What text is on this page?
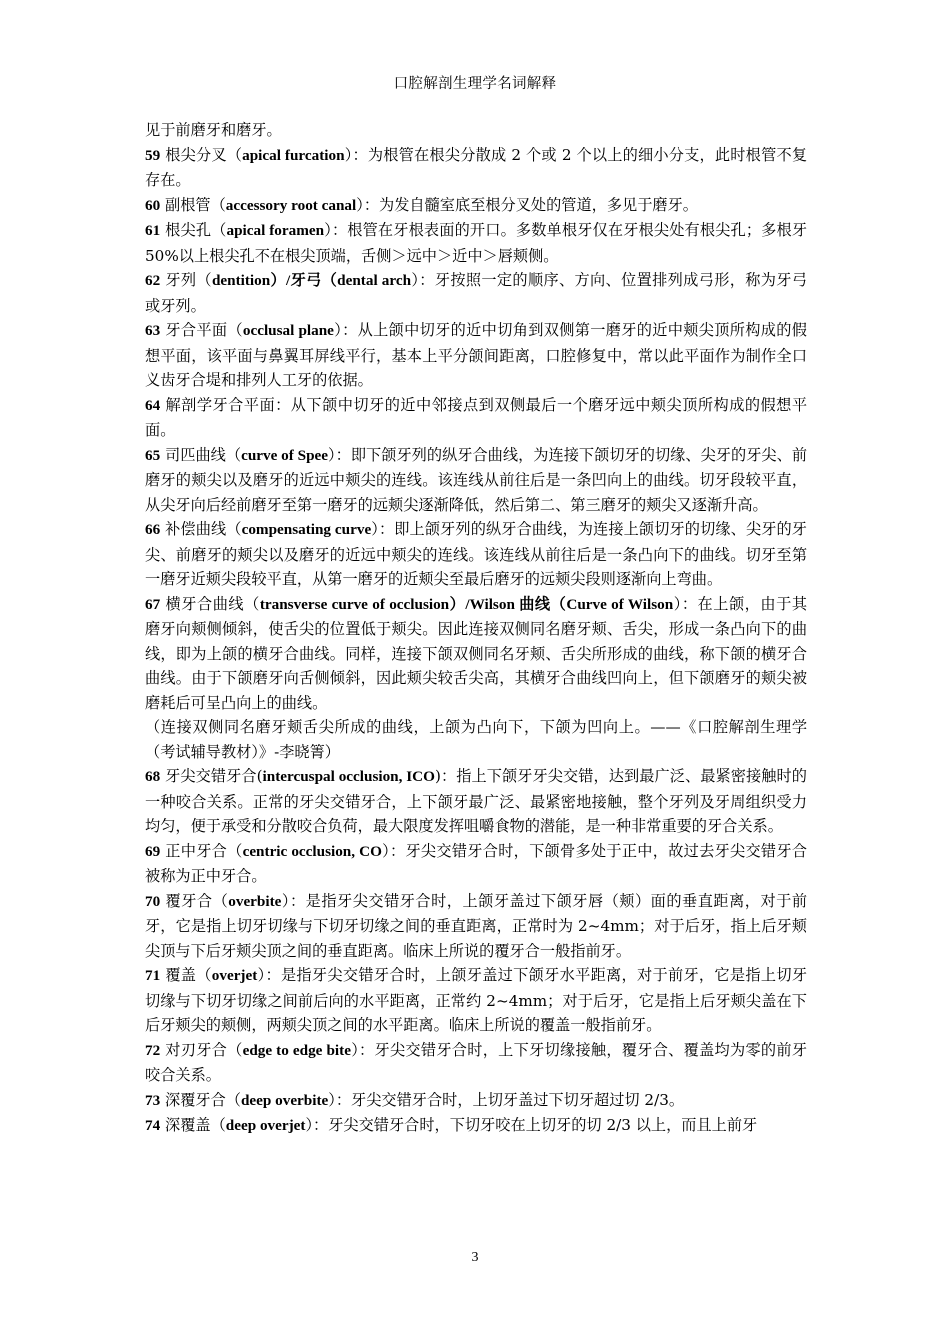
口腔解剖生理学名词解释

见于前磨牙和磨牙。

59 根尖分叉（apical furcation）：为根管在根尖分散成 2 个或 2 个以上的细小分支，此时根管不复存在。

60 副根管（accessory root canal）：为发自髓室底至根分叉处的管道，多见于磨牙。

61 根尖孔（apical foramen）：根管在牙根表面的开口。多数单根牙仅在牙根尖处有根尖孔；多根牙 50%以上根尖孔不在根尖顶端，舌侧＞远中＞近中＞唇颊侧。

62 牙列（dentition）/牙弓（dental arch）：牙按照一定的顺序、方向、位置排列成弓形，称为牙弓或牙列。

63 牙合平面（occlusal plane）：从上颌中切牙的近中切角到双侧第一磨牙的近中颊尖顶所构成的假想平面，该平面与鼻翼耳屏线平行，基本上平分颌间距离，口腔修复中，常以此平面作为制作全口义齿牙合堤和排列人工牙的依据。

64 解剖学牙合平面：从下颌中切牙的近中邻接点到双侧最后一个磨牙远中颊尖顶所构成的假想平面。

65 司匹曲线（curve of Spee）：即下颌牙列的纵牙合曲线，为连接下颌切牙的切缘、尖牙的牙尖、前磨牙的颊尖以及磨牙的近远中颊尖的连线。该连线从前往后是一条凹向上的曲线。切牙段较平直，从尖牙向后经前磨牙至第一磨牙的远颊尖逐渐降低，然后第二、第三磨牙的颊尖又逐渐升高。

66 补偿曲线（compensating curve）：即上颌牙列的纵牙合曲线，为连接上颌切牙的切缘、尖牙的牙尖、前磨牙的颊尖以及磨牙的近远中颊尖的连线。该连线从前往后是一条凸向下的曲线。切牙至第一磨牙近颊尖段较平直，从第一磨牙的近颊尖至最后磨牙的远颊尖段则逐渐向上弯曲。

67 横牙合曲线（transverse curve of occlusion）/Wilson 曲线（Curve of Wilson）：在上颌，由于其磨牙向颊侧倾斜，使舌尖的位置低于颊尖。因此连接双侧同名磨牙颊、舌尖，形成一条凸向下的曲线，即为上颌的横牙合曲线。同样，连接下颌双侧同名牙颊、舌尖所形成的曲线，称下颌的横牙合曲线。由于下颌磨牙向舌侧倾斜，因此颊尖较舌尖高，其横牙合曲线凹向上，但下颌磨牙的颊尖被磨耗后可呈凸向上的曲线。

（连接双侧同名磨牙颊舌尖所成的曲线，上颌为凸向下，下颌为凹向上。——《口腔解剖生理学（考试辅导教材）》-李晓箐）

68 牙尖交错牙合(intercuspal occlusion, ICO)：指上下颌牙牙尖交错，达到最广泛、最紧密接触时的一种咬合关系。正常的牙尖交错牙合，上下颌牙最广泛、最紧密地接触，整个牙列及牙周组织受力均匀，便于承受和分散咬合负荷，最大限度发挥咀嚼食物的潜能，是一种非常重要的牙合关系。

69 正中牙合（centric occlusion, CO）：牙尖交错牙合时，下颌骨多处于正中，故过去牙尖交错牙合被称为正中牙合。

70 覆牙合（overbite）：是指牙尖交错牙合时，上颌牙盖过下颌牙唇（颊）面的垂直距离，对于前牙，它是指上切牙切缘与下切牙切缘之间的垂直距离，正常时为 2~4mm；对于后牙，指上后牙颊尖顶与下后牙颊尖顶之间的垂直距离。临床上所说的覆牙合一般指前牙。

71 覆盖（overjet）：是指牙尖交错牙合时，上颌牙盖过下颌牙水平距离，对于前牙，它是指上切牙切缘与下切牙切缘之间前后向的水平距离，正常约 2~4mm；对于后牙，它是指上后牙颊尖盖在下后牙颊尖的颊侧，两颊尖顶之间的水平距离。临床上所说的覆盖一般指前牙。

72 对刃牙合（edge to edge bite）：牙尖交错牙合时，上下牙切缘接触，覆牙合、覆盖均为零的前牙咬合关系。

73 深覆牙合（deep overbite）：牙尖交错牙合时，上切牙盖过下切牙超过切 2/3。

74 深覆盖（deep overjet）：牙尖交错牙合时，下切牙咬在上切牙的切 2/3 以上，而且上前牙

3
